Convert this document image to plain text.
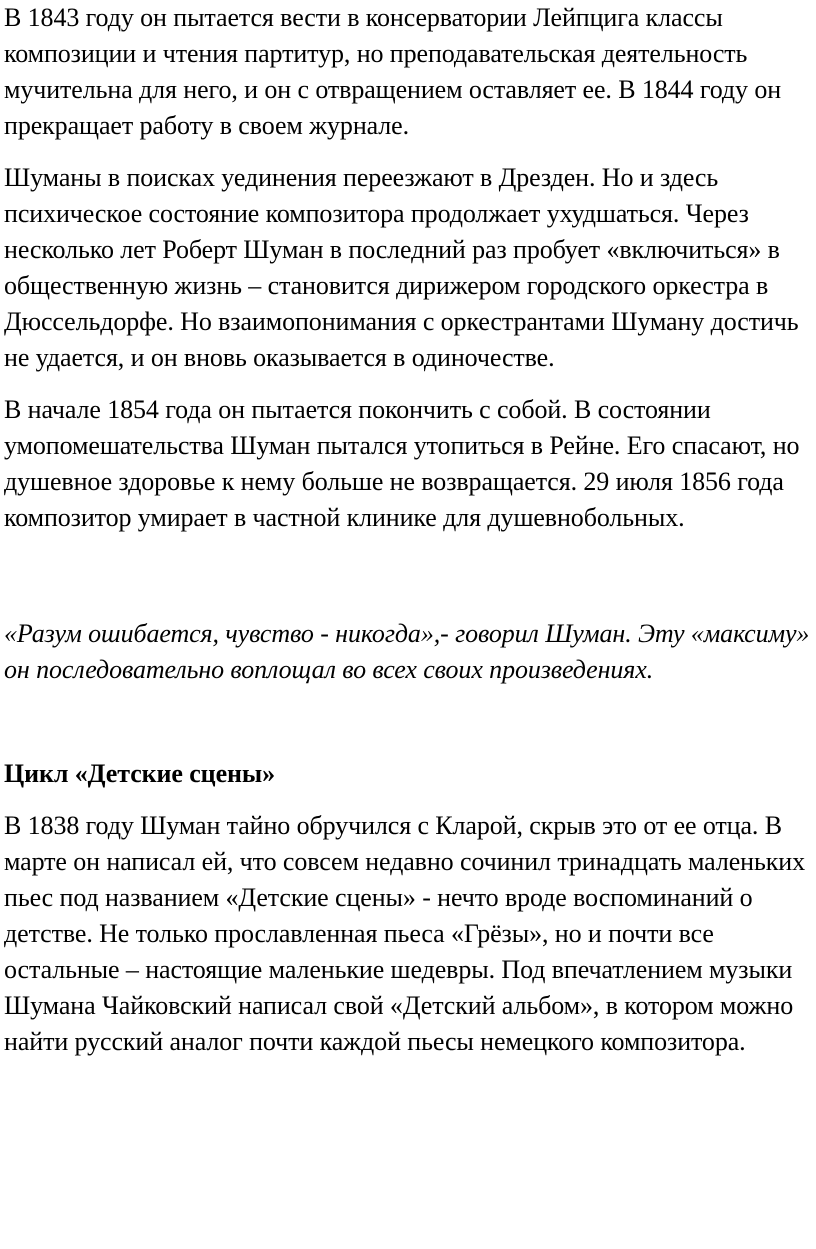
В 1843 году он пытается вести в консерватории Лейпцига классы композиции и чтения партитур, но преподавательская деятельность мучительна для него, и он с отвращением оставляет ее. В 1844 году он прекращает работу в своем журнале.

Шуманы в поисках уединения переезжают в Дрезден. Но и здесь психическое состояние композитора продолжает ухудшаться. Через несколько лет Роберт Шуман в последний раз пробует «включиться» в общественную жизнь – становится дирижером городского оркестра в Дюссельдорфе. Но взаимопонимания с оркестрантами Шуману достичь не удается, и он вновь оказывается в одиночестве.

В начале 1854 года он пытается покончить с собой. В состоянии умопомешательства Шуман пытался утопиться в Рейне. Его спасают, но душевное здоровье к нему больше не возвращается. 29 июля 1856 года композитор умирает в частной клинике для душевнобольных.

«Разум ошибается, чувство - никогда»,- говорил Шуман. Эту «максиму» он последовательно воплощал во всех своих произведениях.

Цикл «Детские сцены»

В 1838 году Шуман тайно обручился с Кларой, скрыв это от ее отца. В марте он написал ей, что совсем недавно сочинил тринадцать маленьких пьес под названием «Детские сцены» - нечто вроде воспоминаний о детстве. Не только прославленная пьеса «Грёзы», но и почти все остальные – настоящие маленькие шедевры. Под впечатлением музыки Шумана Чайковский написал свой «Детский альбом», в котором можно найти русский аналог почти каждой пьесы немецкого композитора.
